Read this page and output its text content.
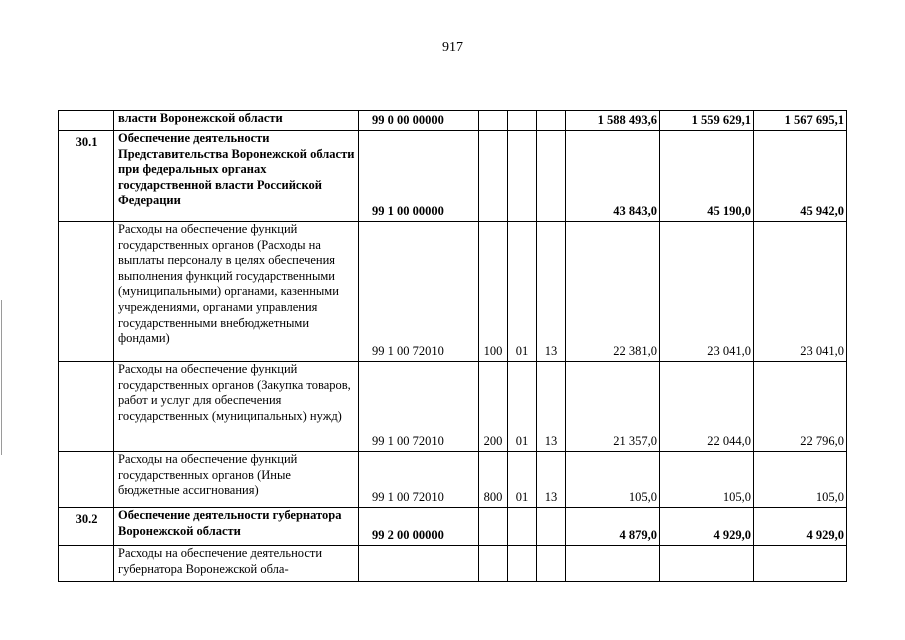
917
	власти Воронежской области	99 0 00 00000				1 588 493,6	1 559 629,1	1 567 695,1
30.1	Обеспечение деятельности Представительства Воронежской области при федеральных органах государственной власти Российской Федерации	99 1 00 00000				43 843,0	45 190,0	45 942,0
	Расходы на обеспечение функций государственных органов (Расходы на выплаты персоналу в целях обеспечения выполнения функций государственными (муниципальными) органами, казенными учреждениями, органами управления государственными внебюджетными фондами)	99 1 00 72010	100	01	13	22 381,0	23 041,0	23 041,0
	Расходы на обеспечение функций государственных органов (Закупка товаров, работ и услуг для обеспечения государственных (муниципальных) нужд)	99 1 00 72010	200	01	13	21 357,0	22 044,0	22 796,0
	Расходы на обеспечение функций государственных органов (Иные бюджетные ассигнования)	99 1 00 72010	800	01	13	105,0	105,0	105,0
30.2	Обеспечение деятельности губернатора Воронежской области	99 2 00 00000				4 879,0	4 929,0	4 929,0
	Расходы на обеспечение деятельности губернатора Воронежской обла-							
